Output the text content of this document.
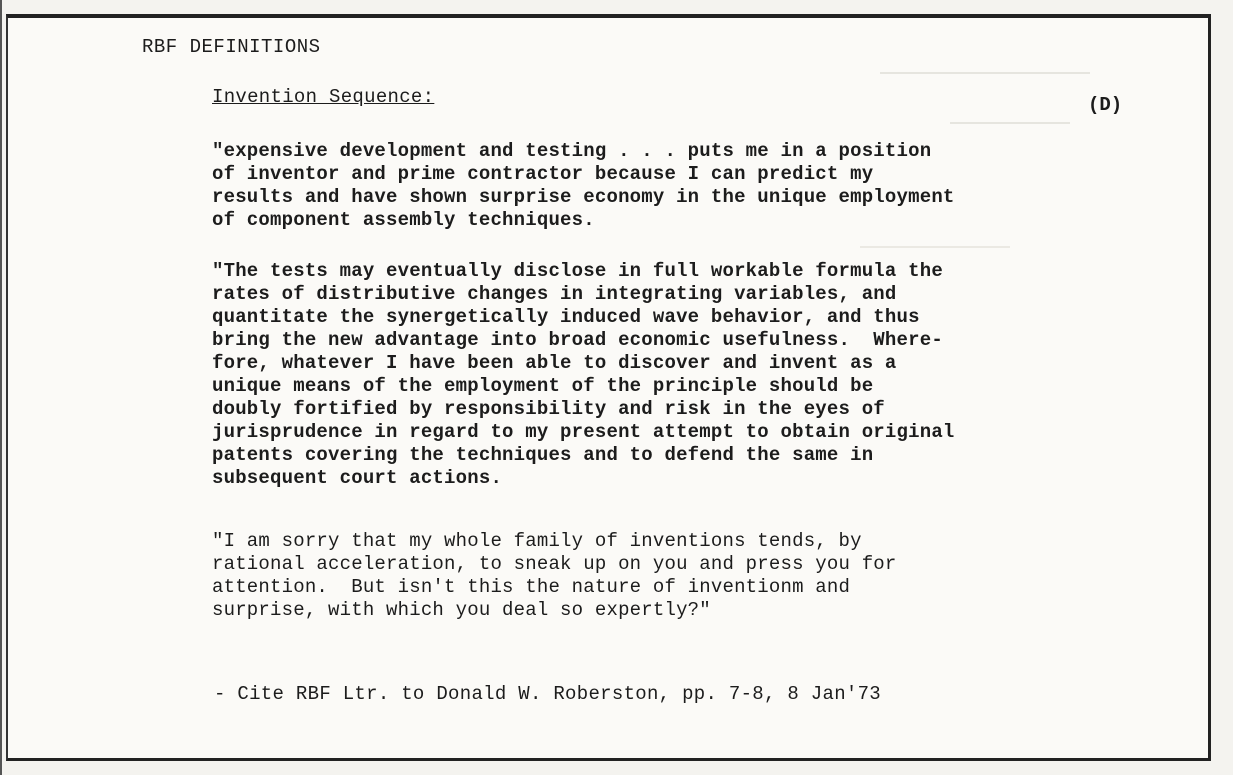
RBF DEFINITIONS
Invention Sequence:	(D)

"expensive development and testing . . . puts me in a position
of inventor and prime contractor because I can predict my
results and have shown surprise economy in the unique employment
of component assembly techniques.

"The tests may eventually disclose in full workable formula the
rates of distributive changes in integrating variables, and
quantitate the synergetically induced wave behavior, and thus
bring the new advantage into broad economic usefulness.  Where-
fore, whatever I have been able to discover and invent as a
unique means of the employment of the principle should be
doubly fortified by responsibility and risk in the eyes of
jurisprudence in regard to my present attempt to obtain original
patents covering the techniques and to defend the same in
subsequent court actions.

"I am sorry that my whole family of inventions tends, by
rational acceleration, to sneak up on you and press you for
attention.  But isn't this the nature of inventionm and
surprise, with which you deal so expertly?"

- Cite RBF Ltr. to Donald W. Roberston, pp. 7-8, 8 Jan'73
